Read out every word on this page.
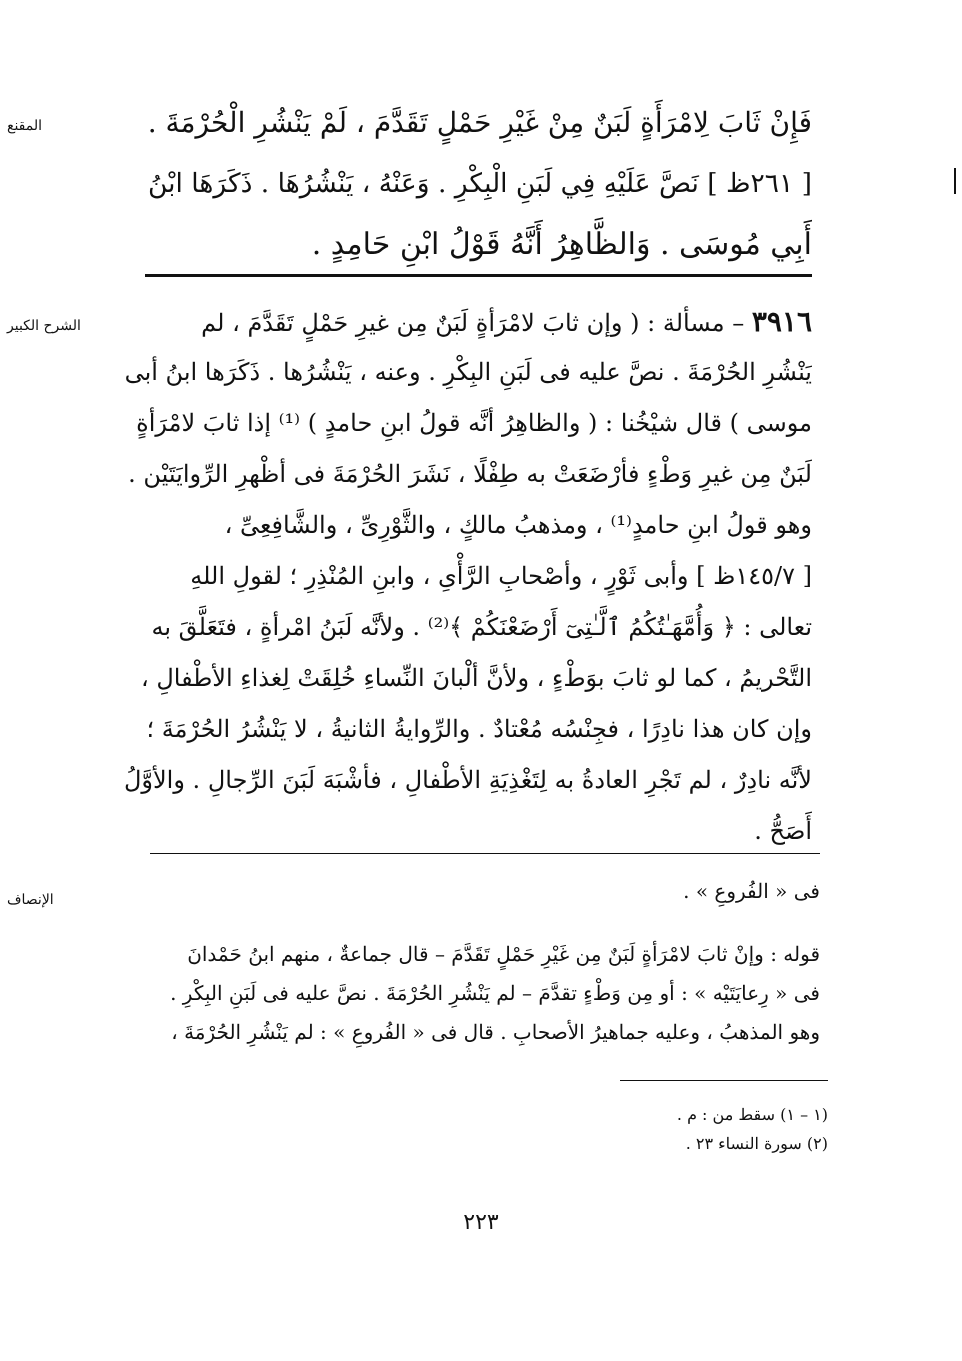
المقنع	فَإِنْ ثَابَ لِامْرَأَةٍ لَبَنٌ مِنْ غَيْرِ حَمْلٍ تَقَدَّمَ ، لَمْ يَنْشُرِ الْحُرْمَةَ .
[ ٢٦١ظ ] نَصَّ عَلَيْهِ فِي لَبَنِ الْبِكْرِ . وَعَنْهُ ، يَنْشُرُهَا . ذَكَرَهَا ابْنُ
أَبِي مُوسَى . وَالظَّاهِرُ أَنَّهُ قَوْلُ ابْنِ حَامِدٍ .
الشرح الكبير	٣٩١٦ – مسألة : ( وإن ثابَ لامْرَأةٍ لَبَنٌ مِن غيرِ حَمْلٍ تَقَدَّمَ ، لم
يَنْشُرِ الحُرْمَةَ . نصَّ عليه فى لَبَنِ البِكْرِ . وعنه ، يَنْشُرُها . ذَكَرَها ابنُ أبى
موسى ) قال شيْخُنا : ( والظاهِرُ أنَّه قولُ ابنِ حامدٍ ) ⁽¹⁾ إذا ثابَ لامْرَأةٍ
لَبَنٌ مِن غيرِ وَطْءٍ فأرْضَعَتْ به طِفْلًا ، نَشَرَ الحُرْمَةَ فى أظْهرِ الرِّوايَتَيْن .
وهو قولُ ابنِ حامدٍ⁽¹⁾ ، ومذهبُ مالكٍ ، والثَّوْرِىِّ ، والشَّافِعِىِّ ،
[ ١٤٥/٧ظ ] وأبى ثَوْرٍ ، وأصْحابِ الرَّأْىِ ، وابنِ المُنْذِرِ ؛ لقولِ اللهِ
تعالى : ﴿ وَأُمَّهَـٰتُكُمُ ٱلَّـٰتِىٓ أَرْضَعْنَكُمْ ﴾⁽²⁾ . ولأنَّه لَبَنُ امْرأةٍ ، فتَعَلَّقَ به
التَّحْريمُ ، كما لو ثابَ بوَطْءٍ ، ولأنَّ ألْبانَ النِّساءِ خُلِقَتْ لِغذاءِ الأطْفالِ ،
وإن كان هذا نادِرًا ، فجِنْسُه مُعْتادٌ . والرِّوايةُ الثانيةُ ، لا يَنْشُرُ الحُرْمَةَ ؛
لأنَّه نادِرٌ ، لم تَجْرِ العادةُ به لِتَغْذِيَةِ الأطْفالِ ، فأشْبَهَ لَبَنَ الرِّجالِ . والأوَّلُ
أَصَحُّ .
الإنصاف	فى « الفُروعِ » .
قوله : وإنْ ثابَ لامْرَأةٍ لَبَنٌ مِن غَيْرِ حَمْلٍ تَقَدَّمَ – قال جماعةٌ ، منهم ابنُ حَمْدانَ
فى « رِعايَتَيْه » : أو مِن وَطْءٍ تقدَّمَ – لم يَنْشُرِ الحُرْمَةَ . نصَّ عليه فى لَبَنِ البِكْرِ .
وهو المذهبُ ، وعليه جماهيرُ الأصحابِ . قال فى « الفُروعِ » : لم يَنْشُرِ الحُرْمَةَ ،
(١ – ١) سقط من : م .
(٢) سورة النساء ٢٣ .
٢٢٣
